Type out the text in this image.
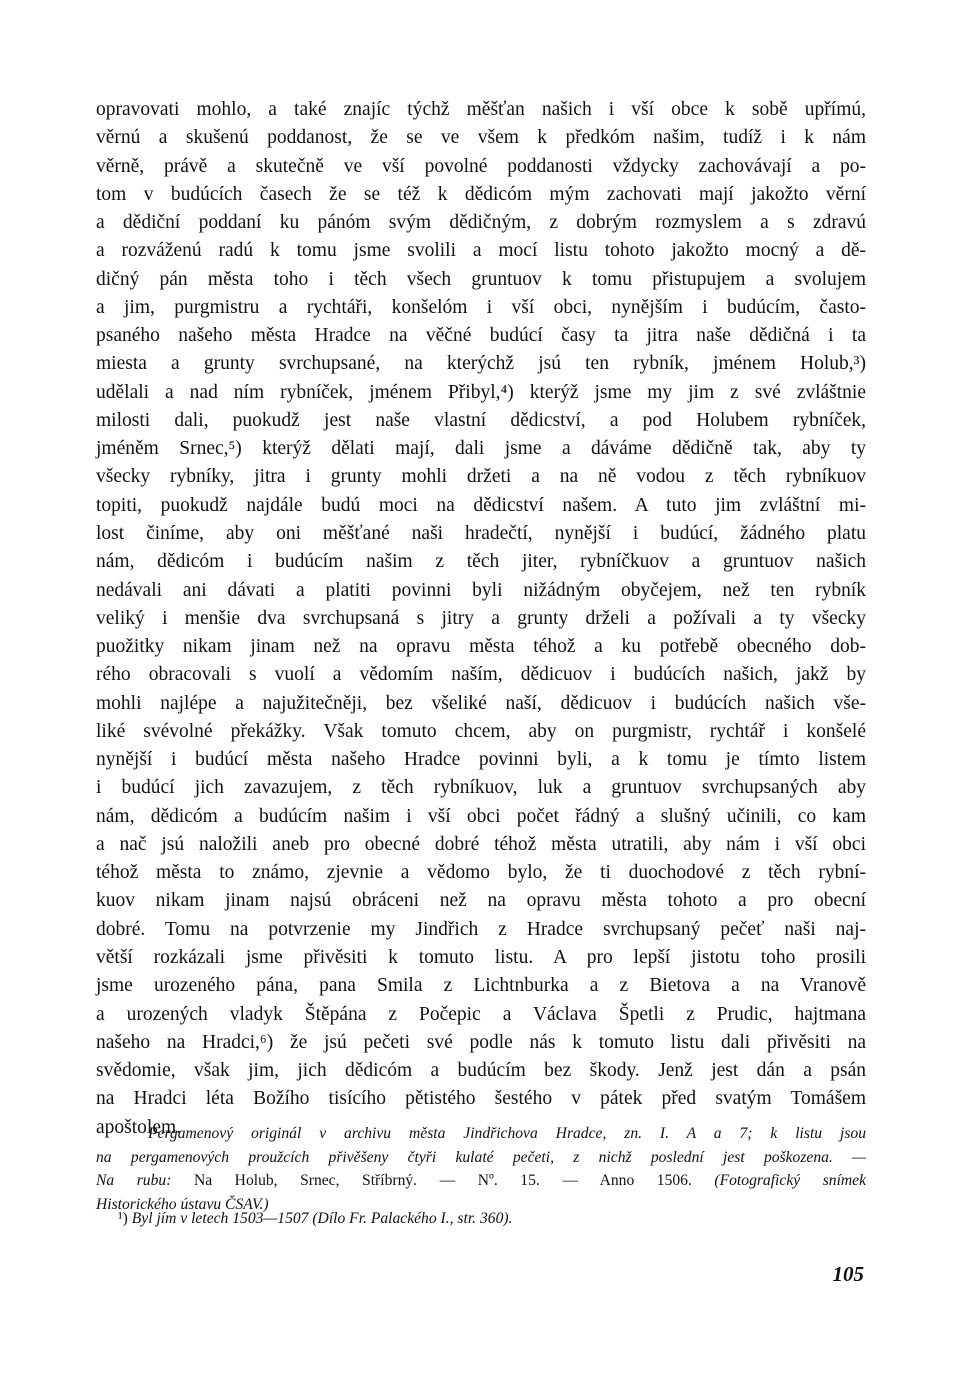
opravovati mohlo, a také znajíc týchž měšťan našich i vší obce k sobě upřímú,
věrnú a skušenú poddanost, že se ve všem k předkóm našim, tudíž i k nám
věrně, právě a skutečně ve vší povolné poddanosti vždycky zachovávají a po-
tom v budúcích časech že se též k dědicóm mým zachovati mají jakožto věrní
a dědiční poddaní ku pánóm svým dědičným, z dobrým rozmyslem a s zdravú
a rozváženú radú k tomu jsme svolili a mocí listu tohoto jakožto mocný a dě-
dičný pán města toho i těch všech gruntuov k tomu přistupujem a svolujem
a jim, purgmistru a rychtáři, konšelóm i vší obci, nynějším i budúcím, často-
psaného našeho města Hradce na věčné budúcí časy ta jitra naše dědičná i ta
miesta a grunty svrchupsané, na kterýchž jsú ten rybník, jménem Holub,³)
udělali a nad ním rybníček, jménem Přibyl,⁴) kterýž jsme my jim z své zvláštnie
milosti dali, puokudž jest naše vlastní dědicství, a pod Holubem rybníček,
jméněm Srnec,⁵) kterýž dělati mají, dali jsme a dáváme dědičně tak, aby ty
všecky rybníky, jitra i grunty mohli držeti a na ně vodou z těch rybníkuov
topiti, puokudž najdále budú moci na dědicství našem. A tuto jim zvláštní mi-
lost činíme, aby oni měšťané naši hradečtí, nynější i budúcí, žádného platu
nám, dědicóm i budúcím našim z těch jiter, rybníčkuov a gruntuov našich
nedávali ani dávati a platiti povinni byli nižádným obyčejem, než ten rybník
veliký i menšie dva svrchupsaná s jitry a grunty drželi a požívali a ty všecky
puožitky nikam jinam než na opravu města téhož a ku potřebě obecného dob-
rého obracovali s vuolí a vědomím naším, dědicuov i budúcích našich, jakž by
mohli najlépe a najužitečněji, bez všeliké naší, dědicuov i budúcích našich vše-
liké svévolné překážky. Však tomuto chcem, aby on purgmistr, rychtář i konšelé
nynější i budúcí města našeho Hradce povinni byli, a k tomu je tímto listem
i budúcí jich zavazujem, z těch rybníkuov, luk a gruntuov svrchupsaných aby
nám, dědicóm a budúcím našim i vší obci počet řádný a slušný učinili, co kam
a nač jsú naložili aneb pro obecné dobré téhož města utratili, aby nám i vší obci
téhož města to známo, zjevnie a vědomo bylo, že ti duochodové z těch rybní-
kuov nikam jinam najsú obráceni než na opravu města tohoto a pro obecní
dobré. Tomu na potvrzenie my Jindřich z Hradce svrchupsaný pečeť naši naj-
větší rozkázali jsme přivěsiti k tomuto listu. A pro lepší jistotu toho prosili
jsme urozeného pána, pana Smila z Lichtnburka a z Bietova a na Vranově
a urozených vladyk Štěpána z Počepic a Václava Špetli z Prudic, hajtmana
našeho na Hradci,⁶) že jsú pečeti své podle nás k tomuto listu dali přivěsiti na
svědomie, však jim, jich dědicóm a budúcím bez škody. Jenž jest dán a psán
na Hradci léta Božího tisícího pětistého šestého v pátek před svatým Tomášem
apoštolem.
Pergamenový originál v archivu města Jindřichova Hradce, zn. I. A a 7; k listu jsou
na pergamenových proužcích přivěšeny čtyři kulaté pečeti, z nichž poslední jest poškozena. —
Na rubu: Na Holub, Srnec, Stříbrný. — Nº. 15. — Anno 1506. (Fotografický snímek
Historického ústavu ČSAV.)
¹) Byl jím v letech 1503—1507 (Dílo Fr. Palackého I., str. 360).
105
